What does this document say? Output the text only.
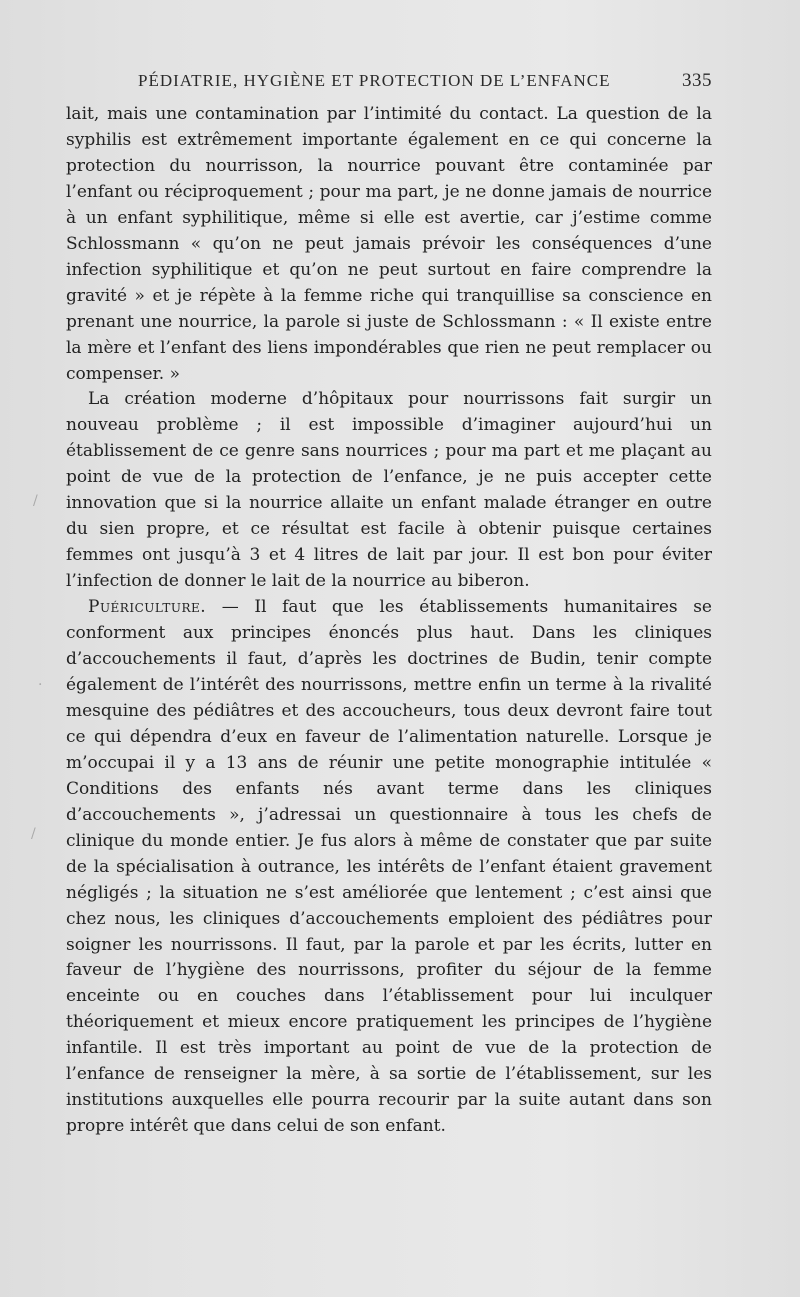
PÉDIATRIE, HYGIÈNE ET PROTECTION DE L’ENFANCE	335

lait, mais une contamination par l’intimité du contact. La question de la syphilis est extrêmement importante également en ce qui concerne la protection du nourrisson, la nourrice pouvant être contaminée par l’enfant ou réciproquement ; pour ma part, je ne donne jamais de nourrice à un enfant syphilitique, même si elle est avertie, car j’estime comme Schlossmann « qu’on ne peut jamais prévoir les conséquences d’une infection syphilitique et qu’on ne peut surtout en faire comprendre la gravité » et je répète à la femme riche qui tranquillise sa conscience en prenant une nourrice, la parole si juste de Schlossmann : « Il existe entre la mère et l’enfant des liens impondérables que rien ne peut remplacer ou compenser. »

La création moderne d’hôpitaux pour nourrissons fait surgir un nouveau problème ; il est impossible d’imaginer aujourd’hui un établissement de ce genre sans nourrices ; pour ma part et me plaçant au point de vue de la protection de l’enfance, je ne puis accepter cette innovation que si la nourrice allaite un enfant malade étranger en outre du sien propre, et ce résultat est facile à obtenir puisque certaines femmes ont jusqu’à 3 et 4 litres de lait par jour. Il est bon pour éviter l’infection de donner le lait de la nourrice au biberon.

Puériculture. — Il faut que les établissements humanitaires se conforment aux principes énoncés plus haut. Dans les cliniques d’accouchements il faut, d’après les doctrines de Budin, tenir compte également de l’intérêt des nourrissons, mettre enfin un terme à la rivalité mesquine des pédiâtres et des accoucheurs, tous deux devront faire tout ce qui dépendra d’eux en faveur de l’alimentation naturelle. Lorsque je m’occupai il y a 13 ans de réunir une petite monographie intitulée « Conditions des enfants nés avant terme dans les cliniques d’accouchements », j’adressai un questionnaire à tous les chefs de clinique du monde entier. Je fus alors à même de constater que par suite de la spécialisation à outrance, les intérêts de l’enfant étaient gravement négligés ; la situation ne s’est améliorée que lentement ; c’est ainsi que chez nous, les cliniques d’accouchements emploient des pédiâtres pour soigner les nourrissons. Il faut, par la parole et par les écrits, lutter en faveur de l’hygiène des nourrissons, profiter du séjour de la femme enceinte ou en couches dans l’établissement pour lui inculquer théoriquement et mieux encore pratiquement les principes de l’hygiène infantile. Il est très important au point de vue de la protection de l’enfance de renseigner la mère, à sa sortie de l’établissement, sur les institutions auxquelles elle pourra recourir par la suite autant dans son propre intérêt que dans celui de son enfant.

/
·
/
